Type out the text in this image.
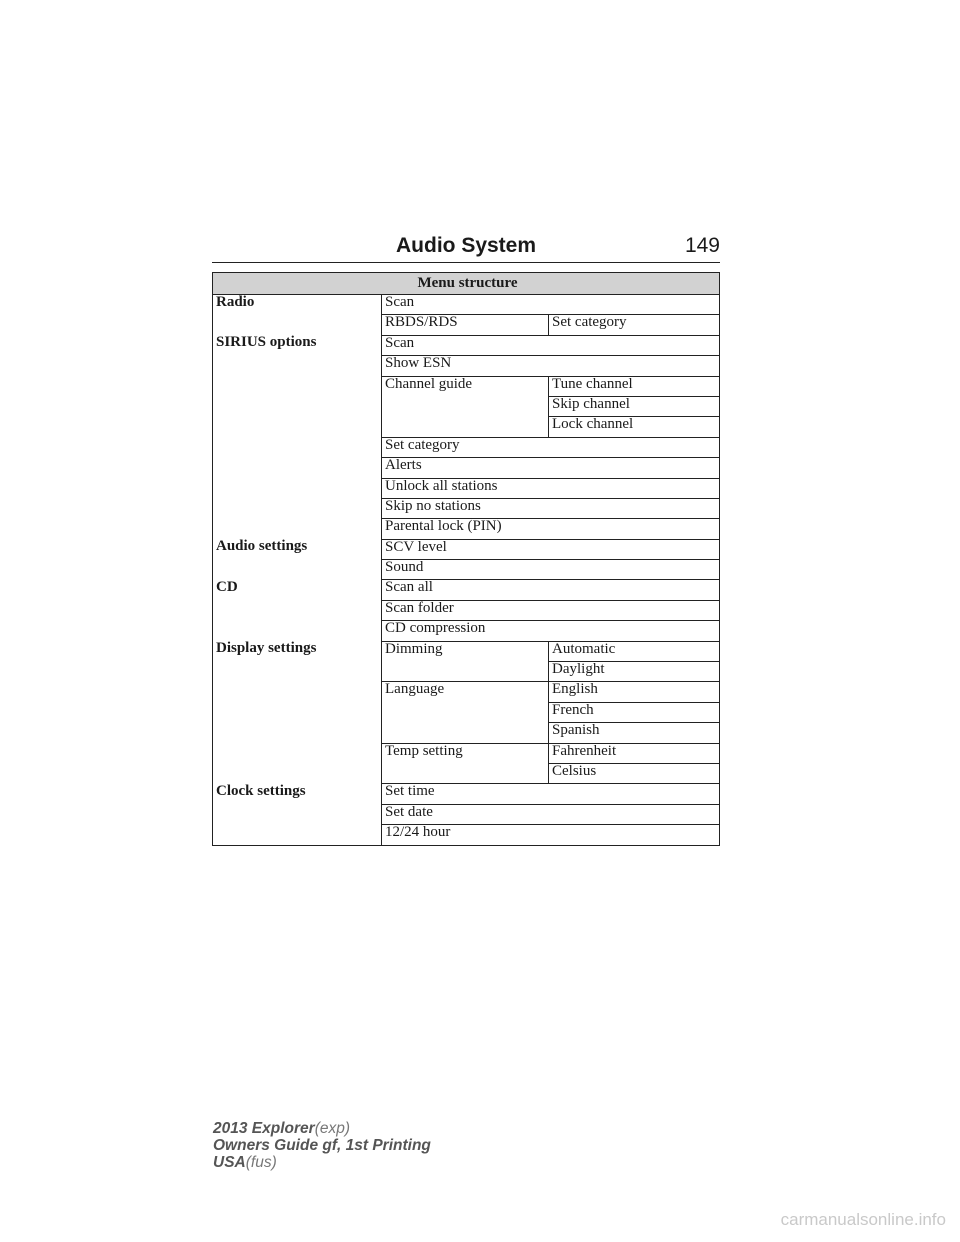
Audio System	149
Menu structure		
Radio	Scan	
	RBDS/RDS	Set category
SIRIUS options	Scan	
	Show ESN	
	Channel guide	Tune channel
		Skip channel
		Lock channel
	Set category	
	Alerts	
	Unlock all stations	
	Skip no stations	
	Parental lock (PIN)	
Audio settings	SCV level	
	Sound	
CD	Scan all	
	Scan folder	
	CD compression	
Display settings	Dimming	Automatic
		Daylight
	Language	English
		French
		Spanish
	Temp setting	Fahrenheit
		Celsius
Clock settings	Set time	
	Set date	
	12/24 hour	
2013 Explorer(exp)
Owners Guide gf, 1st Printing
USA(fus)
carmanualsonline.info
